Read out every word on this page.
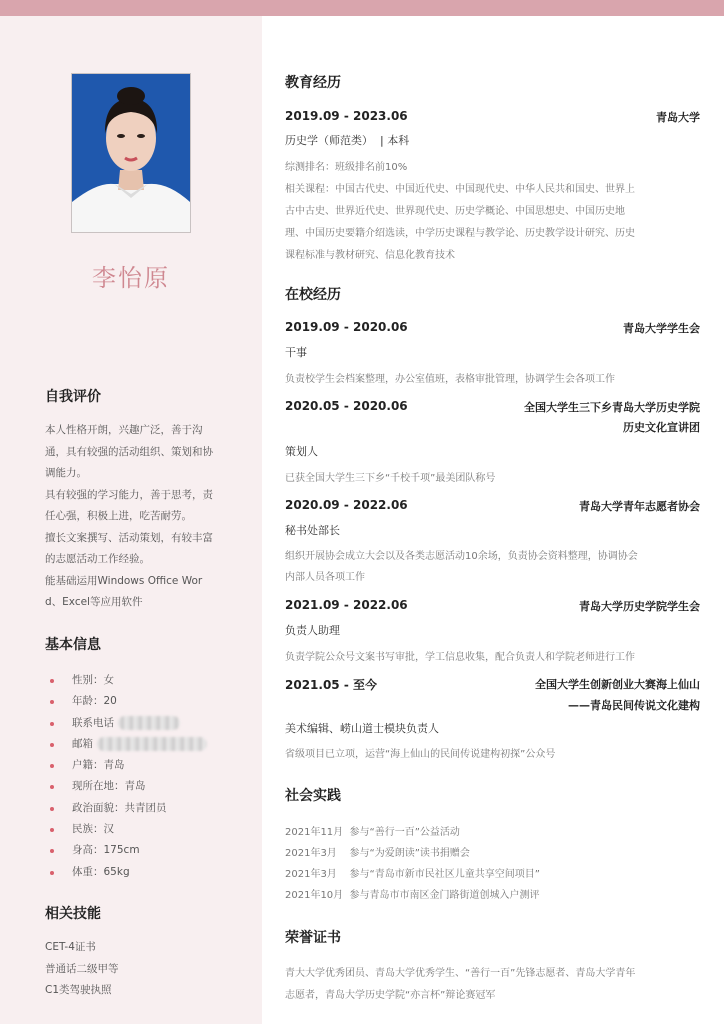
李怡原
自我评价
本人性格开朗，兴趣广泛，善于沟
通，具有较强的活动组织、策划和协
调能力。
具有较强的学习能力，善于思考，责
任心强，积极上进，吃苦耐劳。
擅长文案撰写、活动策划，有较丰富
的志愿活动工作经验。
能基础运用Windows Office Wor
d、Excel等应用软件
基本信息
性别：女
年龄：20
联系电话
邮箱
户籍：青岛
现所在地：青岛
政治面貌：共青团员
民族：汉
身高：175cm
体重：65kg
相关技能
CET-4证书
普通话二级甲等
C1类驾驶执照
教育经历
2019.09 - 2023.06	青岛大学
历史学（师范类）  | 本科
综测排名：班级排名前10%
相关课程：中国古代史、中国近代史、中国现代史、中华人民共和国史、世界上
古中古史、世界近代史、世界现代史、历史学概论、中国思想史、中国历史地
理、中国历史要籍介绍选读，中学历史课程与教学论、历史教学设计研究、历史
课程标准与教材研究、信息化教育技术
在校经历
2019.09 - 2020.06	青岛大学学生会
干事
负责校学生会档案整理，办公室值班，表格审批管理，协调学生会各项工作
2020.05 - 2020.06	全国大学生三下乡青岛大学历史学院
历史文化宣讲团
策划人
已获全国大学生三下乡“千校千项”最美团队称号
2020.09 - 2022.06	青岛大学青年志愿者协会
秘书处部长
组织开展协会成立大会以及各类志愿活动10余场，负责协会资料整理，协调协会
内部人员各项工作
2021.09 - 2022.06	青岛大学历史学院学生会
负责人助理
负责学院公众号文案书写审批，学工信息收集，配合负责人和学院老师进行工作
2021.05 - 至今	全国大学生创新创业大赛海上仙山
——青岛民间传说文化建构
美术编辑、崂山道士模块负责人
省级项目已立项，运营“海上仙山的民间传说建构初探”公众号
社会实践
2021年11月  参与“善行一百”公益活动
2021年3月    参与“为爱朗读”读书捐赠会
2021年3月    参与“青岛市新市民社区儿童共享空间项目”
2021年10月  参与青岛市市南区金门路街道创城入户测评
荣誉证书
青大大学优秀团员、青岛大学优秀学生、“善行一百”先锋志愿者、青岛大学青年
志愿者，青岛大学历史学院“亦言杯”辩论赛冠军
